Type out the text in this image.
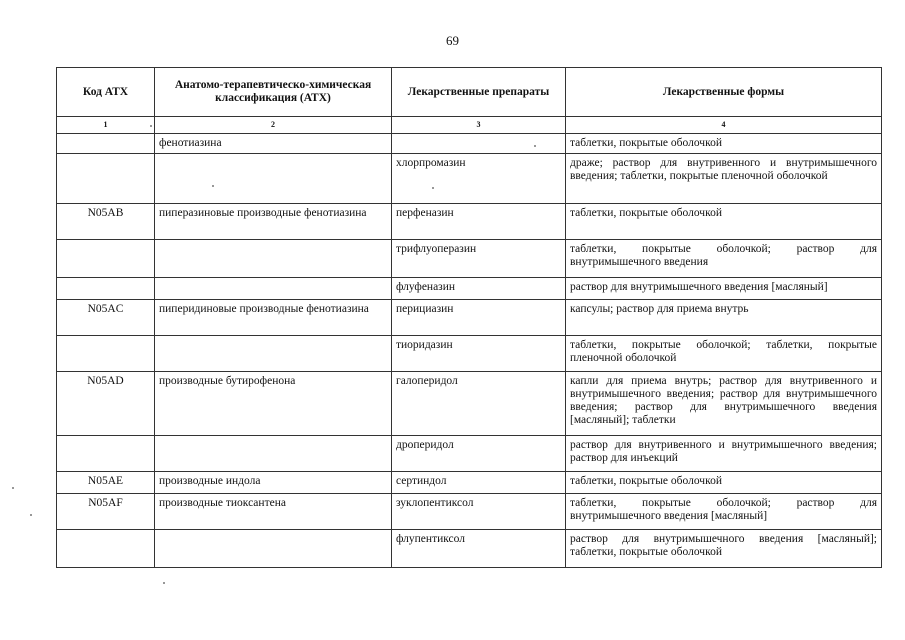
69
Код АТХ	Анатомо-терапевтическо-химическая классификация (АТХ)	Лекарственные препараты	Лекарственные формы
1	2	3	4
	фенотиазина		таблетки, покрытые оболочкой
		хлорпромазин	драже; раствор для внутривенного и внутримышечного введения; таблетки, покрытые пленочной оболочкой
N05AB	пиперазиновые производные фенотиазина	перфеназин	таблетки, покрытые оболочкой
		трифлуоперазин	таблетки, покрытые оболочкой; раствор для внутримышечного введения
		флуфеназин	раствор для внутримышечного введения [масляный]
N05AC	пиперидиновые производные фенотиазина	перициазин	капсулы; раствор для приема внутрь
		тиоридазин	таблетки, покрытые оболочкой; таблетки, покрытые пленочной оболочкой
N05AD	производные бутирофенона	галоперидол	капли для приема внутрь; раствор для внутривенного и внутримышечного введения; раствор для внутримышечного введения; раствор для внутримышечного введения [масляный]; таблетки
		дроперидол	раствор для внутривенного и внутримышечного введения; раствор для инъекций
N05AE	производные индола	сертиндол	таблетки, покрытые оболочкой
N05AF	производные тиоксантена	зуклопентиксол	таблетки, покрытые оболочкой; раствор для внутримышечного введения [масляный]
		флупентиксол	раствор для внутримышечного введения [масляный]; таблетки, покрытые оболочкой
